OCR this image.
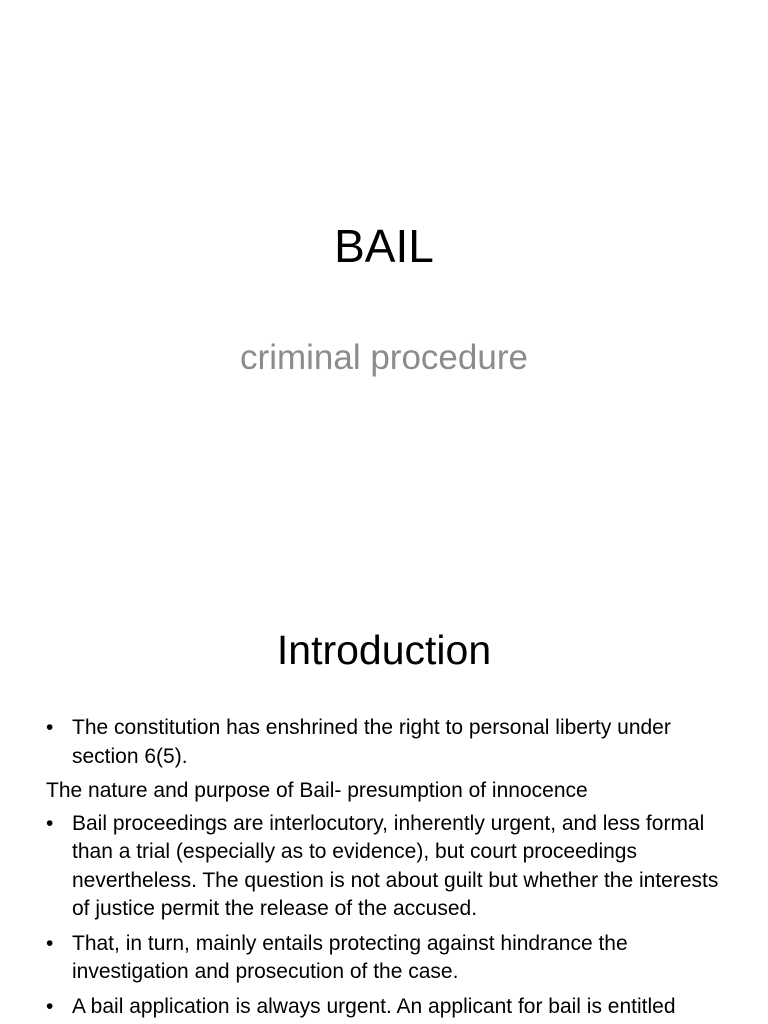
BAIL
criminal procedure
Introduction
• The constitution has enshrined the right to personal liberty under section 6(5).
The nature and purpose of Bail- presumption of innocence
• Bail proceedings are interlocutory, inherently urgent, and less formal than a trial (especially as to evidence), but court proceedings nevertheless. The question is not about guilt but whether the interests of justice permit the release of the accused.
• That, in turn, mainly entails protecting against hindrance the investigation and prosecution of the case.
• A bail application is always urgent. An applicant for bail is entitled
